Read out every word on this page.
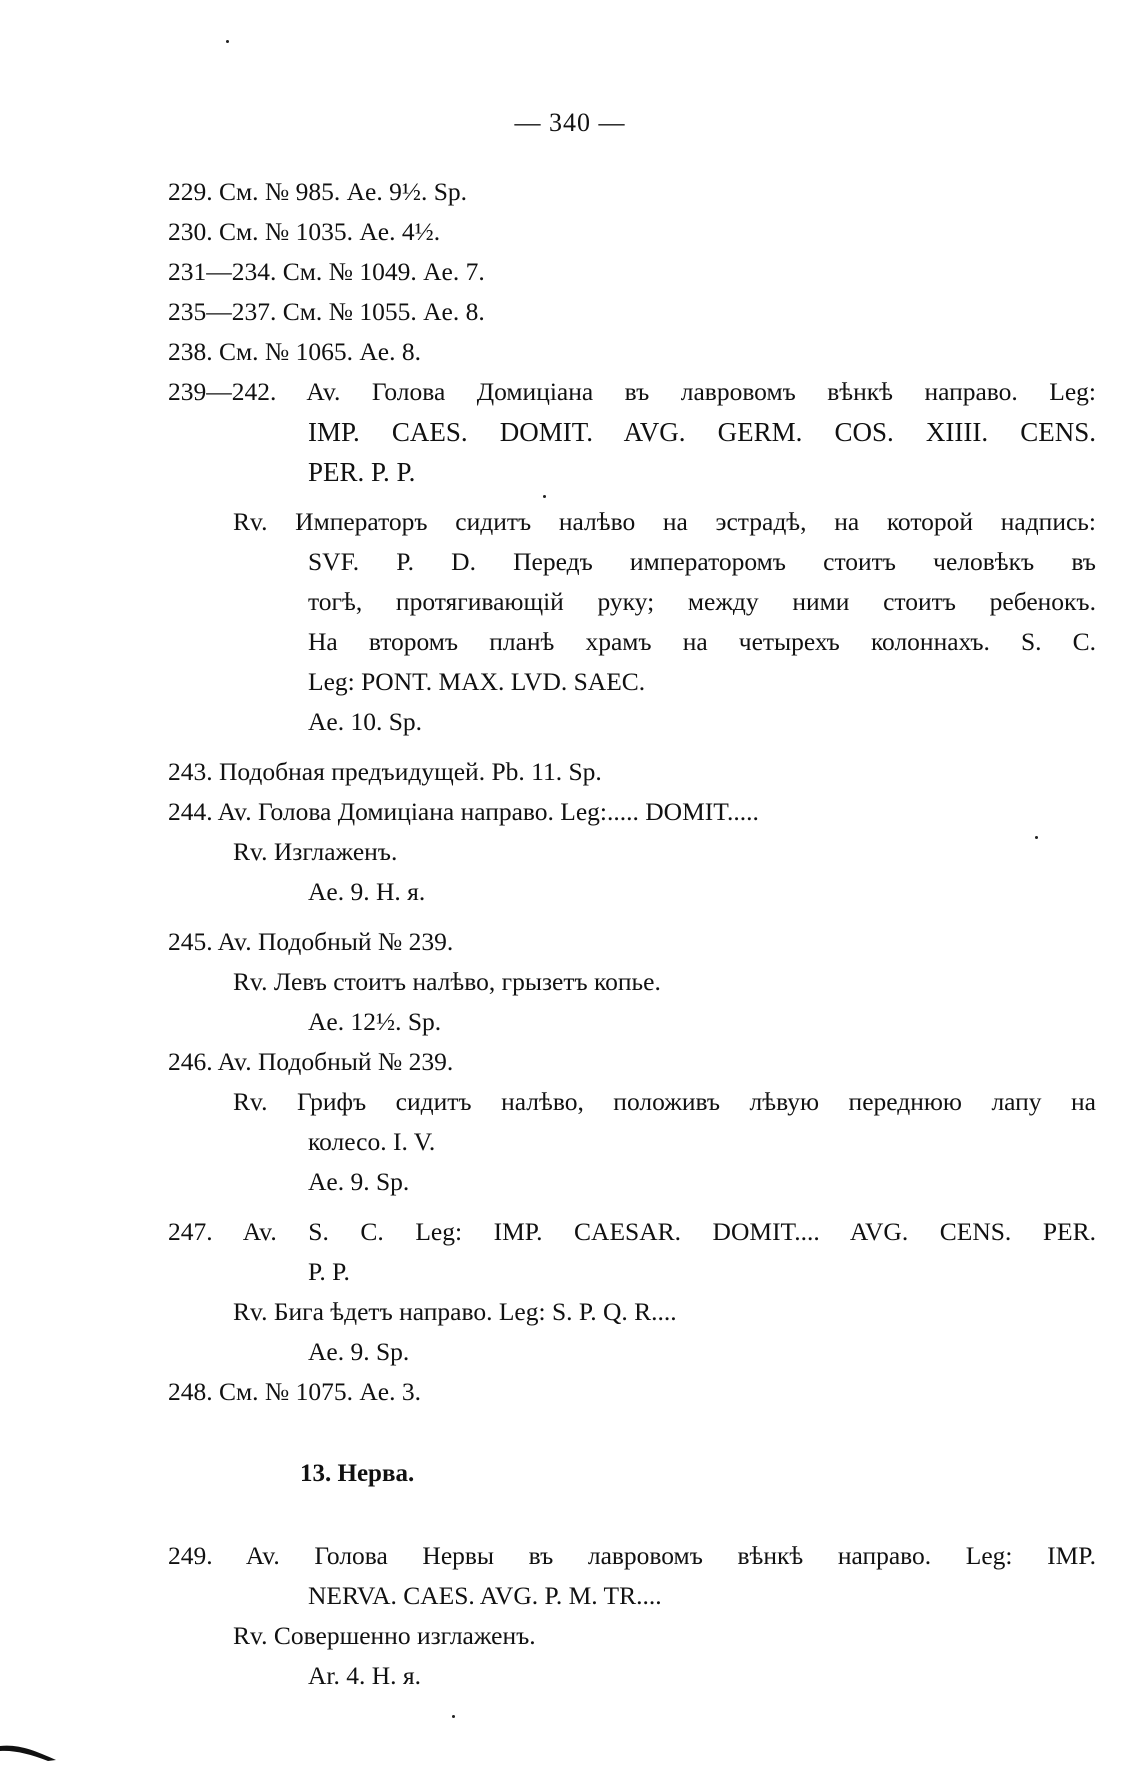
— 340 —
229. См. № 985. Ae. 9½. Sp.
230. См. № 1035. Ae. 4½.
231—234. См. № 1049. Ae. 7.
235—237. См. № 1055. Ae. 8.
238. См. № 1065. Ae. 8.
239—242. Av. Голова Домиціана въ лавровомъ вѣнкѣ направо. Leg:
IMP. CAES. DOMIT. AVG. GERM. COS. XIIII. CENS.
PER. P. P.
Rv. Императоръ сидитъ налѣво на эстрадѣ, на которой надпись:
SVF. P. D. Передъ императоромъ стоитъ человѣкъ въ
тогѣ, протягивающій руку; между ними стоитъ ребенокъ.
На второмъ планѣ храмъ на четырехъ колоннахъ. S. C.
Leg: PONT. MAX. LVD. SAEC.
Ae. 10. Sp.
243. Подобная предъидущей. Pb. 11. Sp.
244. Av. Голова Домиціана направо. Leg:..... DOMIT.....
Rv. Изглаженъ.
Ae. 9. H. я.
245. Av. Подобный № 239.
Rv. Левъ стоитъ налѣво, грызетъ копье.
Ae. 12½. Sp.
246. Av. Подобный № 239.
Rv. Грифъ сидитъ налѣво, положивъ лѣвую переднюю лапу на
колесо. I. V.
Ae. 9. Sp.
247. Av. S. C. Leg: IMP. CAESAR. DOMIT.... AVG. CENS. PER.
P. P.
Rv. Бига ѣдетъ направо. Leg: S. P. Q. R....
Ae. 9. Sp.
248. См. № 1075. Ae. 3.
13. Нерва.
249. Av. Голова Нервы въ лавровомъ вѣнкѣ направо. Leg: IMP.
NERVA. CAES. AVG. P. M. TR....
Rv. Совершенно изглаженъ.
Ar. 4. H. я.
